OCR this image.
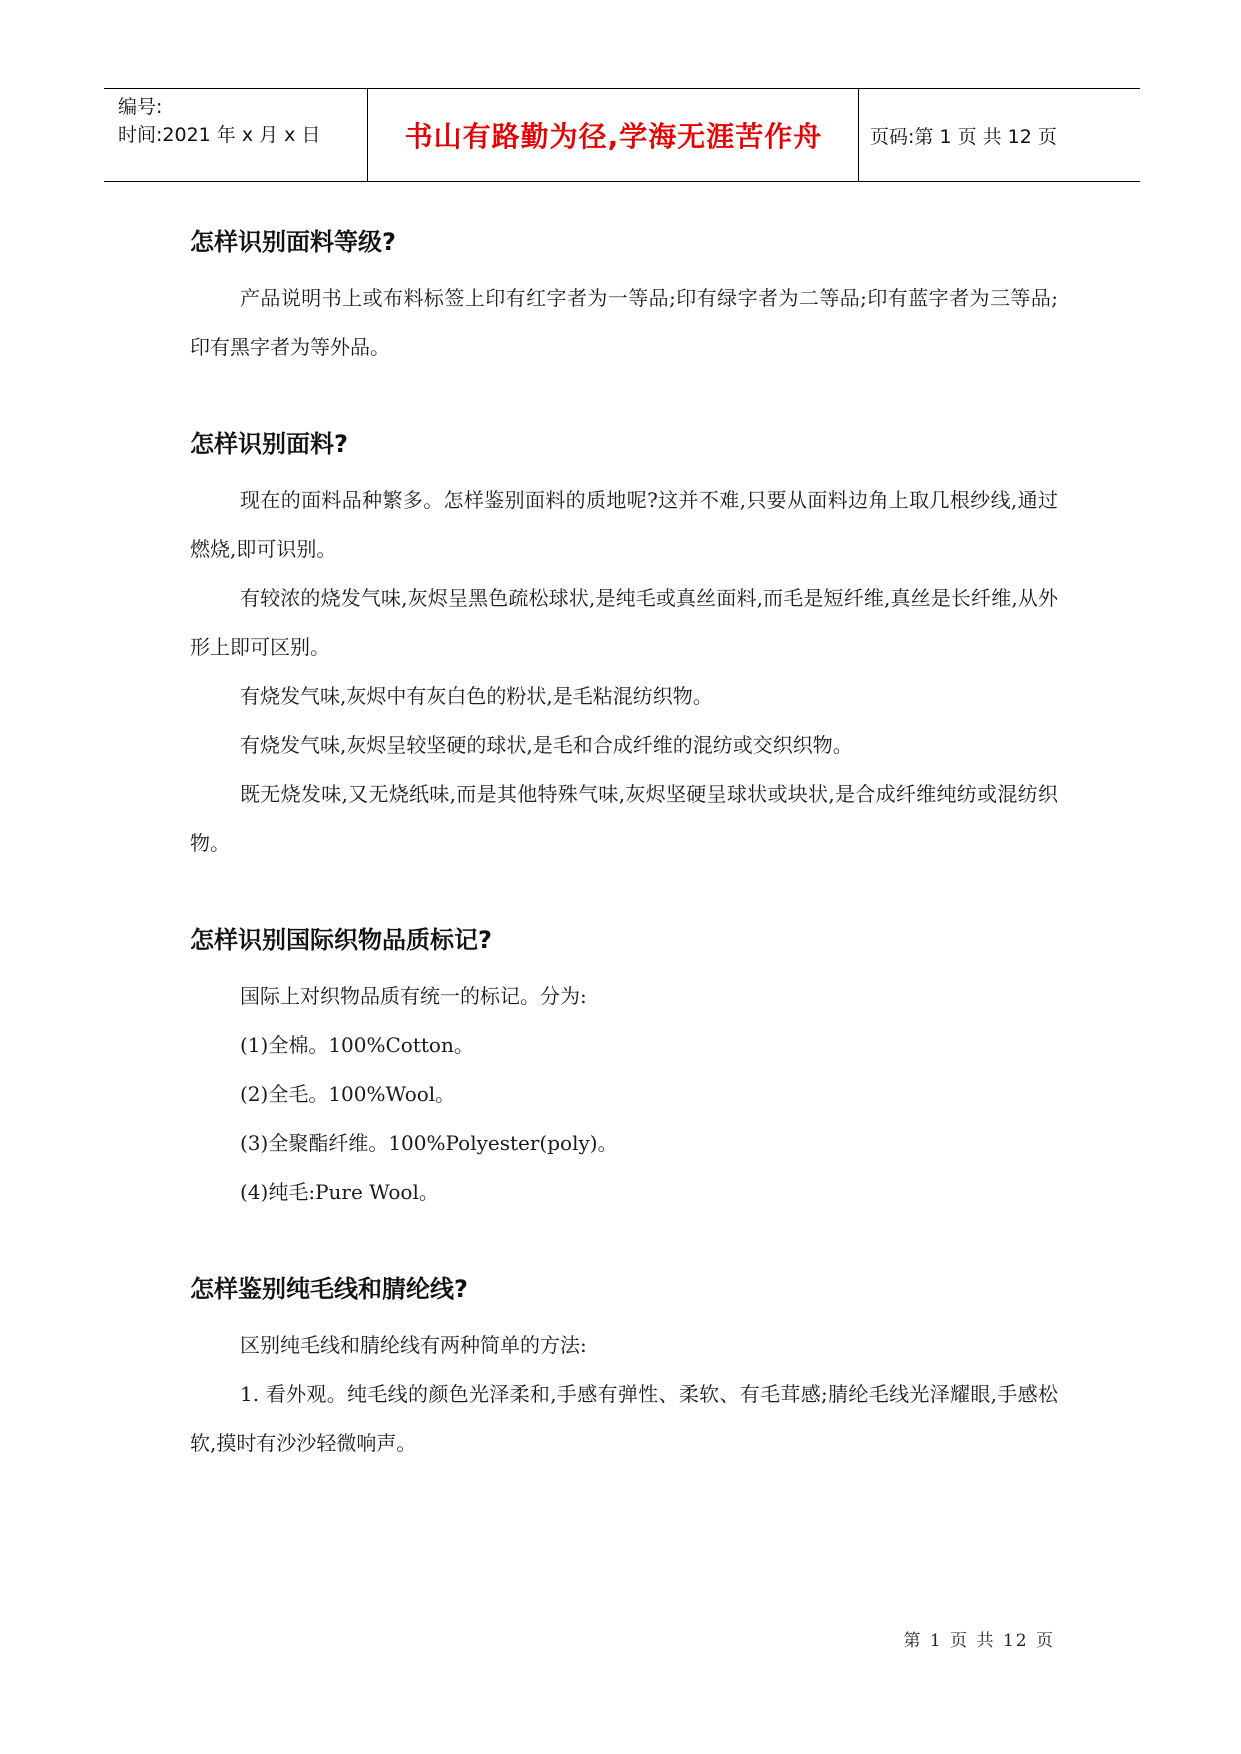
编号:
时间:2021 年 x 月 x 日	书山有路勤为径,学海无涯苦作舟	页码:第 1 页 共 12 页
怎样识别面料等级?

产品说明书上或布料标签上印有红字者为一等品;印有绿字者为二等品;印有蓝字者为三等品;印有黑字者为等外品。

怎样识别面料?

现在的面料品种繁多。怎样鉴别面料的质地呢?这并不难,只要从面料边角上取几根纱线,通过燃烧,即可识别。

有较浓的烧发气味,灰烬呈黑色疏松球状,是纯毛或真丝面料,而毛是短纤维,真丝是长纤维,从外形上即可区别。

有烧发气味,灰烬中有灰白色的粉状,是毛粘混纺织物。

有烧发气味,灰烬呈较坚硬的球状,是毛和合成纤维的混纺或交织织物。

既无烧发味,又无烧纸味,而是其他特殊气味,灰烬坚硬呈球状或块状,是合成纤维纯纺或混纺织物。

怎样识别国际织物品质标记?

国际上对织物品质有统一的标记。分为:

(1)全棉。100%Cotton。

(2)全毛。100%Wool。

(3)全聚酯纤维。100%Polyester(poly)。

(4)纯毛:Pure Wool。

怎样鉴别纯毛线和腈纶线?

区别纯毛线和腈纶线有两种简单的方法:

1. 看外观。纯毛线的颜色光泽柔和,手感有弹性、柔软、有毛茸感;腈纶毛线光泽耀眼,手感松软,摸时有沙沙轻微响声。

第 1 页 共 12 页
